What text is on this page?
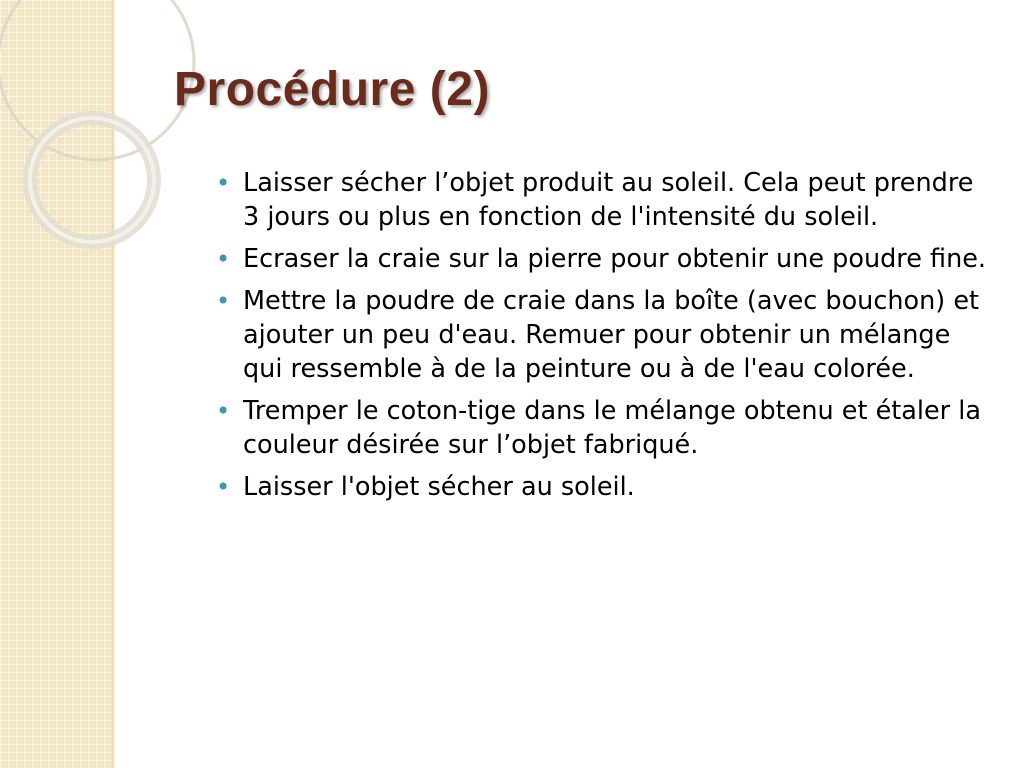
Procédure (2)
• Laisser sécher l’objet produit au soleil. Cela peut prendre 3 jours ou plus en fonction de l'intensité du soleil.
• Ecraser la craie sur la pierre pour obtenir une poudre fine.
• Mettre la poudre de craie dans la boîte (avec bouchon) et ajouter un peu d'eau. Remuer pour obtenir un mélange qui ressemble à de la peinture ou à de l'eau colorée.
• Tremper le coton-tige dans le mélange obtenu et étaler la couleur désirée sur l’objet fabriqué.
• Laisser l'objet sécher au soleil.
